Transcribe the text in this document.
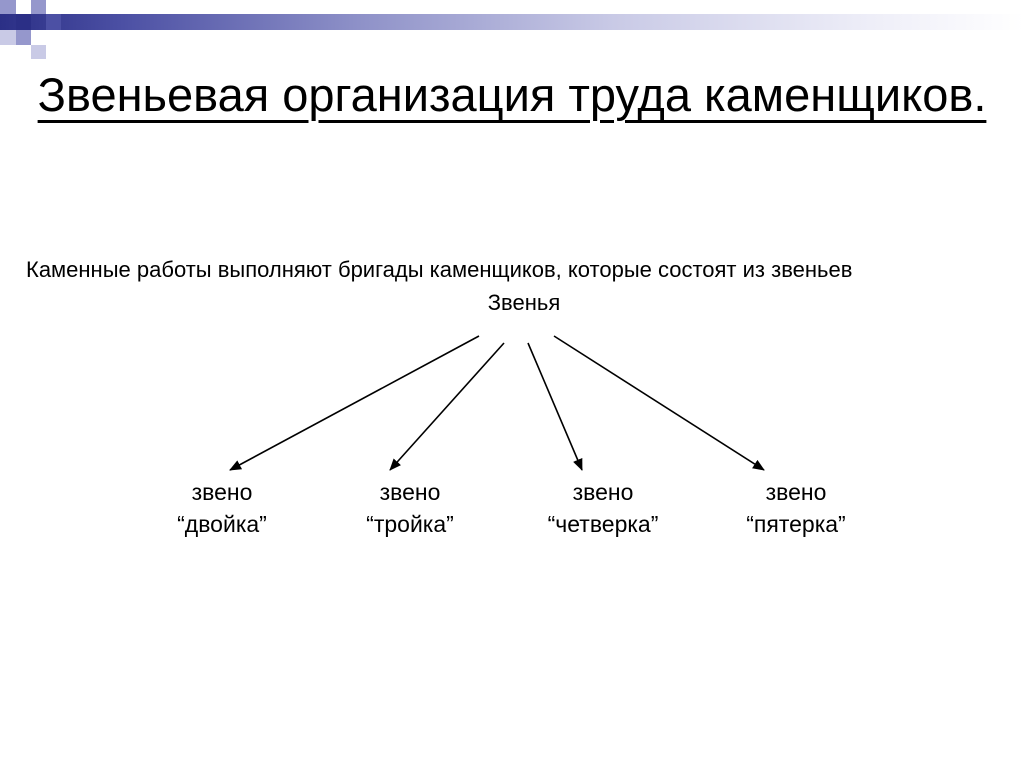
Звеньевая организация труда каменщиков.
Каменные работы выполняют бригады каменщиков, которые состоят из звеньев
Звенья
звено
“двойка”
звено
“тройка”
звено
“четверка”
звено
“пятерка”
